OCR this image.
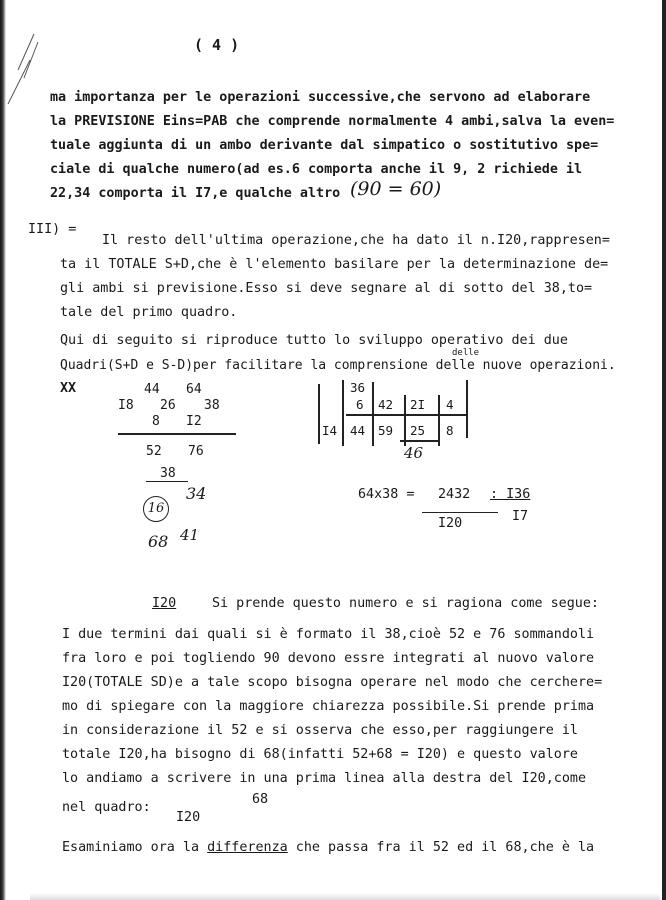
( 4 )
ma importanza per le operazioni successive,che servono ad elaborare
la PREVISIONE Eins=PAB che comprende normalmente 4 ambi,salva la even=
tuale aggiunta di un ambo derivante dal simpatico o sostitutivo spe=
ciale di qualche numero(ad es.6 comporta anche il 9, 2 richiede il
22,34 comporta il I7,e qualche altro (90 = 60)
III) =
Il resto dell'ultima operazione,che ha dato il n.I20,rappresen=
ta il TOTALE S+D,che è l'elemento basilare per la determinazione de=
gli ambi si previsione.Esso si deve segnare al di sotto del 38,to=
tale del primo quadro.
Qui di seguito si riproduce tutto lo sviluppo operativo dei due
Quadri(S+D e S-D)per facilitare la comprensione delle nuove operazioni.
delle
XX	44 64
I8 26 38
8 I2
52 76
38
16
34
68 41
36
6 42 2I 4
I4 44 59 25 8
46
64x38 = 2432 : I36
I7
I20
I20	Si prende questo numero e si ragiona come segue:
I due termini dai quali si è formato il 38,cioè 52 e 76 sommandoli
fra loro e poi togliendo 90 devono essre integrati al nuovo valore
I20(TOTALE SD)e a tale scopo bisogna operare nel modo che cerchere=
mo di spiegare con la maggiore chiarezza possibile.Si prende prima
in considerazione il 52 e si osserva che esso,per raggiungere il
totale I20,ha bisogno di 68(infatti 52+68 = I20) e questo valore
lo andiamo a scrivere in una prima linea alla destra del I20,come
nel quadro:
68
I20
Esaminiamo ora la differenza che passa fra il 52 ed il 68,che è la
